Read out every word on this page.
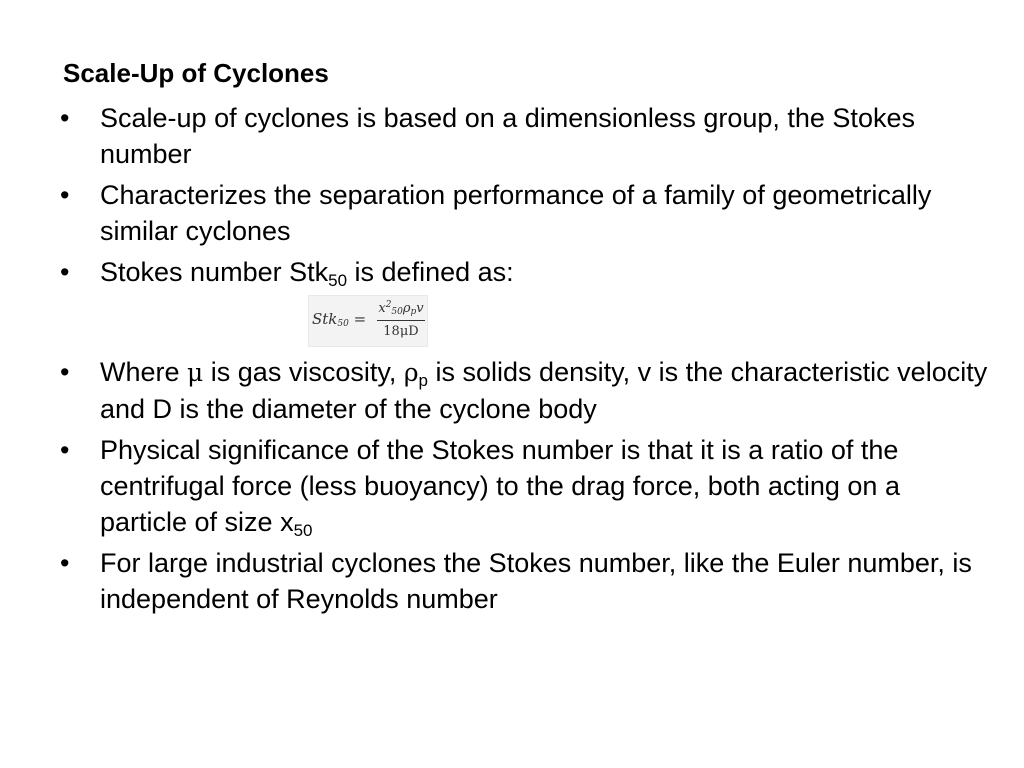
Scale-Up of Cyclones
• Scale-up of cyclones is based on a dimensionless group, the Stokes number
• Characterizes the separation performance of a family of geometrically similar cyclones
• Stokes number Stk$_{50}$ is defined as:
Stk$_{50}$ =
$x^2_{50}\rho_pv$
18μD
• Where μ is gas viscosity, $\rho_p$ is solids density, v is the characteristic velocity and D is the diameter of the cyclone body
• Physical significance of the Stokes number is that it is a ratio of the centrifugal force (less buoyancy) to the drag force, both acting on a particle of size $x_{50}$
• For large industrial cyclones the Stokes number, like the Euler number, is independent of Reynolds number
